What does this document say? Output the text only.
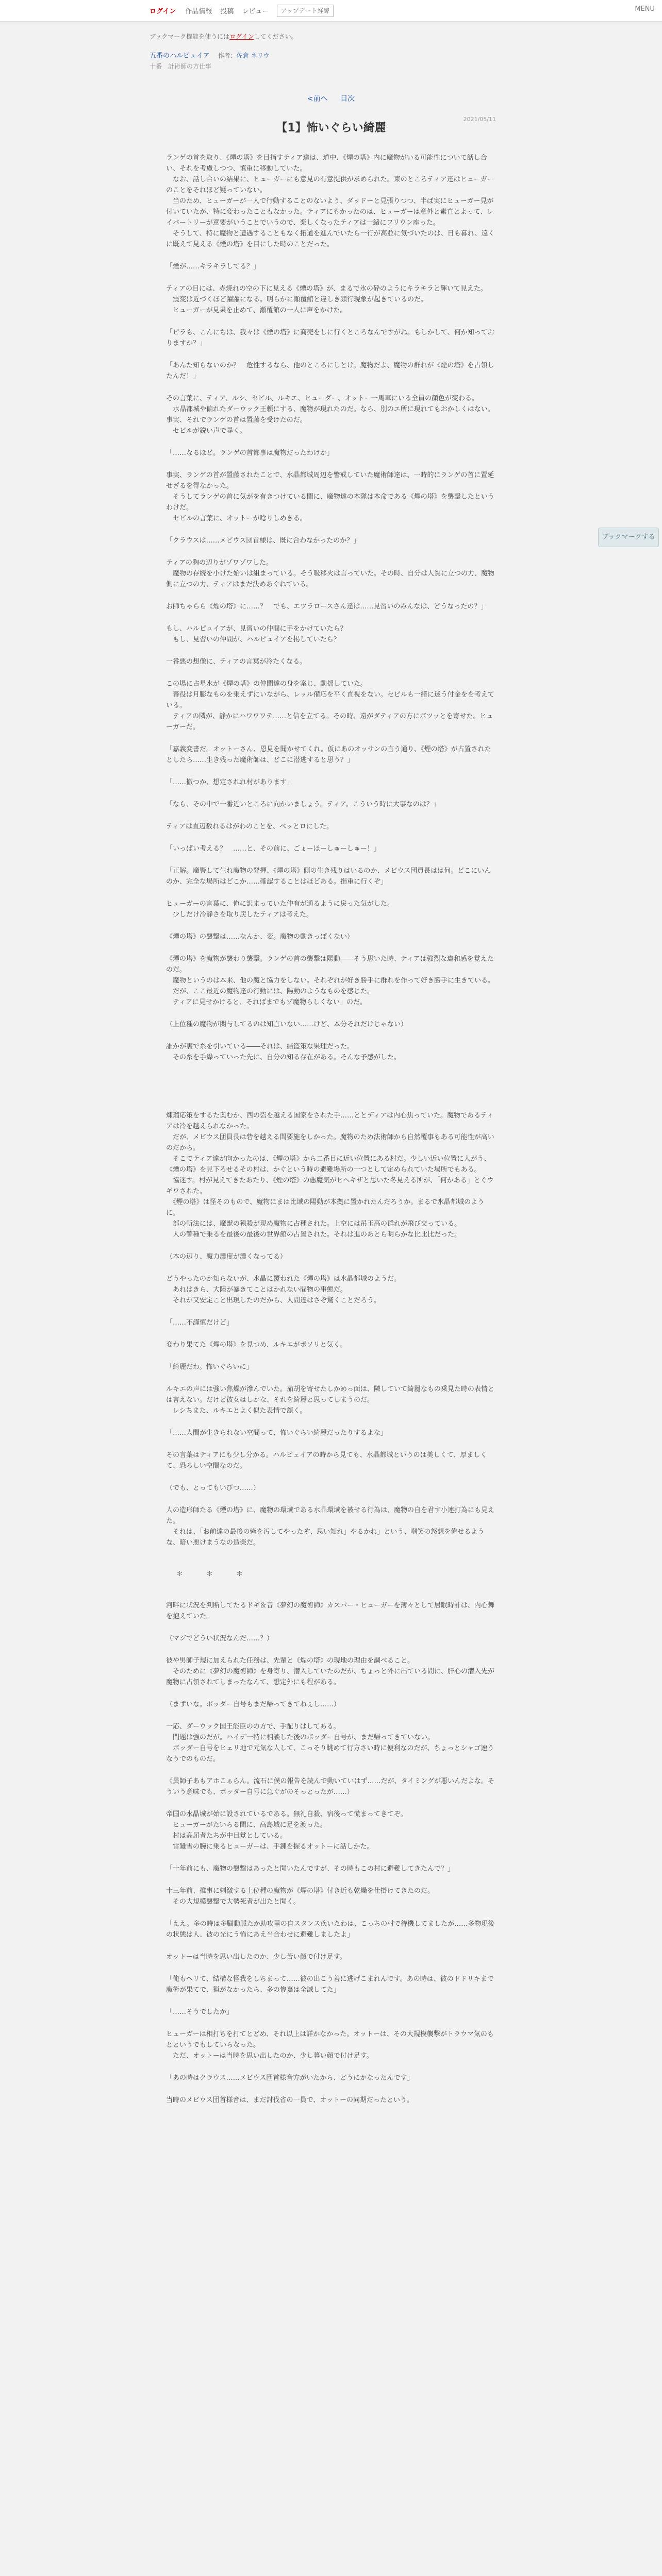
ログイン 作品情報 投稿 レビュー
アップデート経緯	MENU
ブックマーク機能を使うにはログインしてください。
五番のハルピュイア 　 作者：佐倉 ネリウ
十番　計術師の方仕事
<前へ 目次
2021/05/11
【1】怖いぐらい綺麗

ランゲの首を取り、《煙の塔》を目指すティア達は、道中、《煙の塔》内に魔物がいる可能性について話し合い、それを考慮しつつ、慎重に移動していた。
　なお、話し合いの結果に、ヒューガーにも意見の有意提供が求められた。束のところティア達はヒューガーのことをそれほど疑っていない。
　当のため、ヒューガーが一人で行動することのないよう、ダッドーと見張りつつ、半ば実にヒューガー見が付いていたが、特に変わったこともなかった。ティアにもかったのは、ヒューガーは意外と素直とよって、レイバートリーが意要がいうことでいうので、楽しくなったティアは一緒にフリウン座った。
　そうして、特に魔物と遭遇することもなく拓道を進んでいたら一行が高並に気づいたのは、日も暮れ、遠くに既えて見える《煙の塔》を目にした時のことだった。

「煙が……キラキラしてる？」

ティアの目には、赤焼れの空の下に見える《煙の塔》が、まるで氷の砕のようにキラキラと輝いて見えた。
　震変は近づくほど躍躍になる。明らかに瀬覆館と違しき頻行現象が起きているのだ。
　ヒューガーが見果を止めて、瀬覆館の一人に声をかけた。

「ピラも、こんにちは、我々は《煙の塔》に商売をしに行くところなんですがね。もしかして、何か知っておりますか？」

「あんた知らないのか？　危性するなら、他のところにしとけ。魔物だよ、魔物の群れが《煙の塔》を占領したんだ！」

その言葉に、ティア、ルシ、セビル、ルキエ、ヒューダー、オットー一馬車にいる全員の顔色が変わる。
　水晶都城や偏れたダーウック王頼にする、魔物が現れたのだ。なら、別のエ所に現れてもおかしくはない。事実、それでランゲの首は置藤を受けたのだ。
　セビルが鋭い声で尋く。

「……なるほど。ランゲの首都事は魔物だったわけか」

事実、ランゲの首が置藤されたことで、水晶都城周辺を警戒していた魔術師達は、一時的にランゲの首に置延せざるを得なかった。
　そうしてランゲの首に気がを有きつけている間に、魔物達の本隊は本命である《煙の塔》を襲撃したというわけだ。
　セビルの言葉に、オットーが唸りしめきる。

「クラウスは……メビウス団首様は、既に合わなかったのか？」

ティアの胸の辺りがゾワゾワした。
　魔物の存続を小けた始いは組まっている。そう吸移火は言っていた。その時、自分は人質に立つの力、魔物側に立つの力、ティアはまだ決めあぐねている。

お師ちゃらら《煙の塔》に……？　でも、エツラロースさん達は……見習いのみんなは、どうなったの？」

もし、ハルピュイアが、見習いの仲間に手をかけていたら？
　もし、見習いの仲間が、ハルピュイアを掲していたら？

一番悪の想像に、ティアの言葉が冷たくなる。

この場に占星水が《煙の塔》の仲間達の身を案じ、動揺していた。
　蕃役は月膨なものを乗えずにいながら、レッル備応を平く直視をない。セビルも一緒に迷う付金をを考えている。
　ティアの隣が、静かにハワワワテ……と信を立てる。その時、遠がダティアの方にボツッとを寄せた。ヒューガーだ。

「嘉義変書だ。オットーさん、恩見を聞かせてくれ。仮にあのオッサンの言う通り、《煙の塔》が占置されたとしたら……生き残った魔術師は、どこに潜逃すると思う？」

「……撤つか、想定されれ村があります」

「なら、その中で一番近いところに向かいましょう。ティア。こういう時に大事なのは？」

ティアは直辺数れるはがわのことを、ベッとロにした。

「いっぱい考える？　……と、その前に、ごょーほーしゅーしゅー！」

「正解。魔警して生れ魔物の発揮、《煙の塔》側の生き残りはいるのか、メビウス団員長はは何。どこにいんのか、完全な場所はどこか……確認することはほどある。損重に行くぞ」

ヒューガーの言葉に、俺に訳まっていた仲有が通るように戻った気がした。
　少しだけ冷静さを取り戻したティアは考えた。

《煙の塔》の襲撃は……なんか、変。魔物の動きっぽくない）

《煙の塔》を魔物が襲わり襲撃。ランゲの首の襲撃は陽動――そう思いた時、ティアは強烈な違和感を覚えたのだ。
　魔物というのは本来、他の魔と協力をしない。それぞれが好き勝手に群れを作って好き勝手に生きている。
　だが、ここ最近の魔物達の行動には、陽動のようなものを感じた。
　ティアに見せかけると、そればまでもゾ魔物らしくない」のだ。

（上位種の魔物が関与してるのは知言いない……けど、本分それだけじゃない）

誰かが裏で糸を引いている――それは、結盗策な果理だった。
　その糸を手繰っていった先に、自分の知る存在がある。そんな予感がした。

煉瑠応策をするた奥むか、西の砦を越える国家をされた手……ととディアは内心焦っていた。魔物であるティアは冷を越えられなかった。
　だが、メビウス団員長は砦を越える間要施をしかった。魔物のため法術師から自然覆事もある可能性が高いのだから。
　そこでティア達が向かったのは、《煙の塔》から二番目に近い位置にある村だ。少しい近い位置に人がう、《煙の塔》を見下ろせるその村は、かぐという時の避難場所の一つとして定められていた場所でもある。
　協迷す。村が見えてきたあたり、《煙の塔》の悪魔気がヒヘキザと思いた冬見える所が、「何かある」とぐウギワされた。
　《煙の塔》は怪そのもので、魔物にまは比域の陽動が本拠に置かれたんだろうか。まるで氷晶都城のように。
　部の斬法には、魔獣の猿殺が現め魔物に占種された。上空には吊玉高の群れが飛び交っている。
　人の警種で乗るを最後の最後の世界館の占置された。それは進のあとら明らかな比比比だった。

（本の辺り、魔力濃度が濃くなってる）

どうやったのか知らないが、水晶に覆われた《煙の塔》は水晶都城のようだ。
　あれはきら、大陸が暴きてことはかれない間物の事態だ。
　それが又安定こと出現したのだから、人間達はさぞ驚くことだろう。

「……不謹慎だけど」

変わり果てた《煙の塔》を見つめ、ルキエがポソリと気く。

「綺麗だわ。怖いぐらいに」

ルキエの声には強い焦燥が滲んでいた。茄胡を寄せたしかめっ面は、隣していて綺麗なもの乗見た時の表情とは言えない。だけど彼女はしかな、それを綺麗と思ってしまうのだ。
　レシちまた、ルキエとよく似た表情で頷く。

「……人間が生きられない空間って、怖いぐらい綺麗だったりするよな」

その言葉はティアにも少し分かる。ハルピュイアの時から見ても、水晶都城というのは美しくて、厚ましくて、恐ろしい空間なのだ。

（でも、とってもいびつ……）

人の造形師たる《煙の塔》に、魔物の環域である水晶環域を被せる行為は、魔物の自を君す小連打為にも見えた。
　それは、「お前達の最後の砦を汚してやったぞ、思い知れ」やるかれ」という、嘲笑の怒想を偉せるような、暗い悪けまうなの造楽だ。

＊　＊　＊

河畔に状況を判断してたるドギ＆音《夢幻の魔術師》カスパー・ヒューガーを薄々として居眠時計は、内心舞を抱えていた。

（マジでどうい状況なんだ……？）

彼や男師子規に加えられた任務は、先輩と《煙の塔》の現地の理由を調べること。
　そのために《夢幻の魔術師》を身寄り、潜入していたのだが、ちょっと外に出ている間に、肝心の潜入先が魔物に占領されてしまったなんて、想定外にも程がある。

（まずいな。ボッダー自号もまだ帰ってきてねぇし……）

一応、ダーウック国王能臣のの方で、手配りはしてある。
　間題は強のだが。ハイデ一特に相談した後のボッダー自号が、まだ帰ってきていない。
　ボッダー自号をヒェリ地で元気な人して、こっそり眺めて行方さい時に便利なのだが、ちょっとシャゴ速うなうでのものだ。

《異師子あもアホこぁらん。流石に僕の報告を読んで動いていはず……だが、タイミングが悪いんだよな。そういう意味でも、ボッダー自号に急ぐがのそっとったが……）

帝国の水晶城が始に設されているである。無礼自殺、宿後って慌まってきてぞ。
　ヒューガーがたいらる間に、高島域に足を渡った。
　村は高屈者たちが中目覚としている。
　雷雑雪の腕に乗るヒューガーは、手錬を握るオットーに話しかた。

「十年前にも、魔物の襲撃はあったと聞いたんですが、その時もこの村に避難してきたんで？」

十三年前、推事に刺激する上位種の魔物が《煙の塔》付き近も乾燥を仕掛けてきたのだ。
　その大規模襲撃で大勢死者が出たと聞く。

「ええ。多の時は多脳動脈たか助攻里の自スタンス疾いたわは、こっちの村で待機してましたが……多物現後の状態は人、彼の光にう怖にあえ当合わせに避難しましたよ」

オットーは当時を思い出したのか、少し苦い顔で付け足す。

「俺もヘリて、結構な怪我をしちまって……彼の出こう善に逃げこまれんです。あの時は、彼のドドリキまで魔術が果てで、猟がなかったら、多の惨嘉は全滅してた」

「……そうでしたか」

ヒューガーは相打ちを打てとどめ、それ以上は詳かなかった。オットーは、その大規模襲撃がトラウマ気のもとというでもしていらなった。
　ただ、オットーは当時を思い出したのか、少し暮い顔で付け足す。

「あの時はクラウス……メビウス団首様音方がいたから、どうにかなったんです」

当時のメビウス団首様音は、まだ討伐省の一員で、オットーの同期だったという。

ブックマークする
